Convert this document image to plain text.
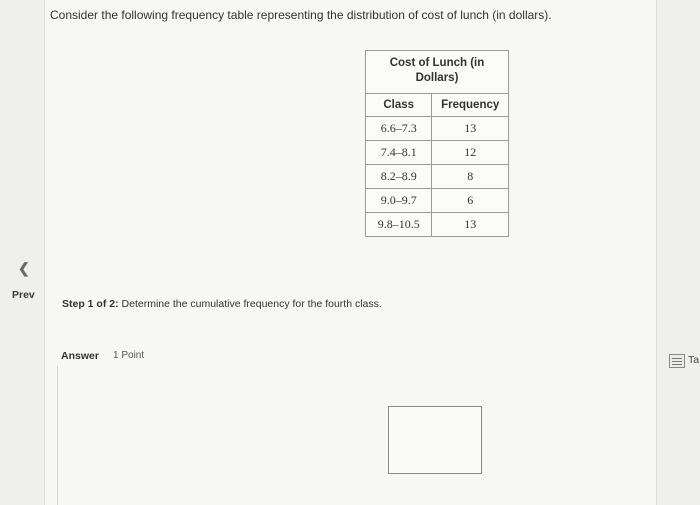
❮
Prev
Consider the following frequency table representing the distribution of cost of lunch (in dollars).
Cost of Lunch (in Dollars)	
Class	Frequency
6.6–7.3	13
7.4–8.1	12
8.2–8.9	8
9.0–9.7	6
9.8–10.5	13
Step 1 of 2: Determine the cumulative frequency for the fourth class.
Answer 1 Point	Ta
